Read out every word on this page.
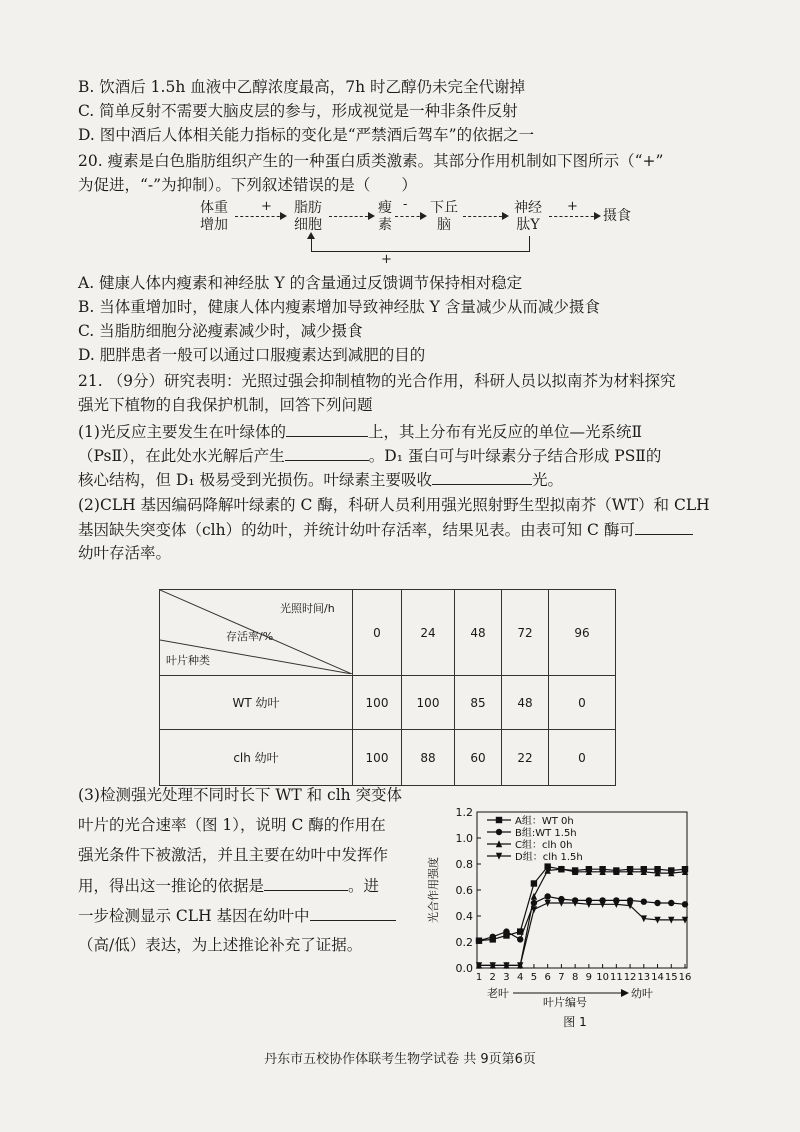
B. 饮酒后 1.5h 血液中乙醇浓度最高，7h 时乙醇仍未完全代谢掉
C. 简单反射不需要大脑皮层的参与，形成视觉是一种非条件反射
D. 图中酒后人体相关能力指标的变化是“严禁酒后驾车”的依据之一
20. 瘦素是白色脂肪组织产生的一种蛋白质类激素。其部分作用机制如下图所示（“+”
为促进，“-”为抑制）。下列叙述错误的是（　　）
体重
增加
+	脂肪
细胞
瘦
素
-	下丘
脑
神经
肽Y
+
摄食
+
A. 健康人体内瘦素和神经肽 Y 的含量通过反馈调节保持相对稳定
B. 当体重增加时，健康人体内瘦素增加导致神经肽 Y 含量减少从而减少摄食
C. 当脂肪细胞分泌瘦素减少时，减少摄食
D. 肥胖患者一般可以通过口服瘦素达到减肥的目的
21. （9分）研究表明：光照过强会抑制植物的光合作用，科研人员以拟南芥为材料探究
强光下植物的自我保护机制，回答下列问题
(1)光反应主要发生在叶绿体的	上，其上分布有光反应的单位—光系统Ⅱ
（PsⅡ），在此处水光解后产生	。D₁ 蛋白可与叶绿素分子结合形成 PSⅡ的
核心结构，但 D₁ 极易受到光损伤。叶绿素主要吸收	光。
(2)CLH 基因编码降解叶绿素的 C 酶，科研人员利用强光照射野生型拟南芥（WT）和 CLH
基因缺失突变体（clh）的幼叶，并统计幼叶存活率，结果见表。由表可知 C 酶可
幼叶存活率。
光照时间/h
存活率/%
叶片种类	0	24	48	72	96
WT 幼叶	100	100	85	48	0
clh 幼叶	100	88	60	22	0
(3)检测强光处理不同时长下 WT 和 clh 突变体
叶片的光合速率（图 1），说明 C 酶的作用在
强光条件下被激活，并且主要在幼叶中发挥作
用，得出这一推论的依据是	。进
一步检测显示 CLH 基因在幼叶中
（高/低）表达，为上述推论补充了证据。
0.0
0.2
0.4
0.6
0.8
1.0
1.2
1 2 3 4 5 6 7 8 9 10 11 12 13 14 15 16
光合作用强度
老叶	幼叶
叶片编号
图 1
A组：WT 0h
B组:WT 1.5h
C组：clh 0h
D组：clh 1.5h
丹东市五校协作体联考生物学试卷 共 9页第6页
